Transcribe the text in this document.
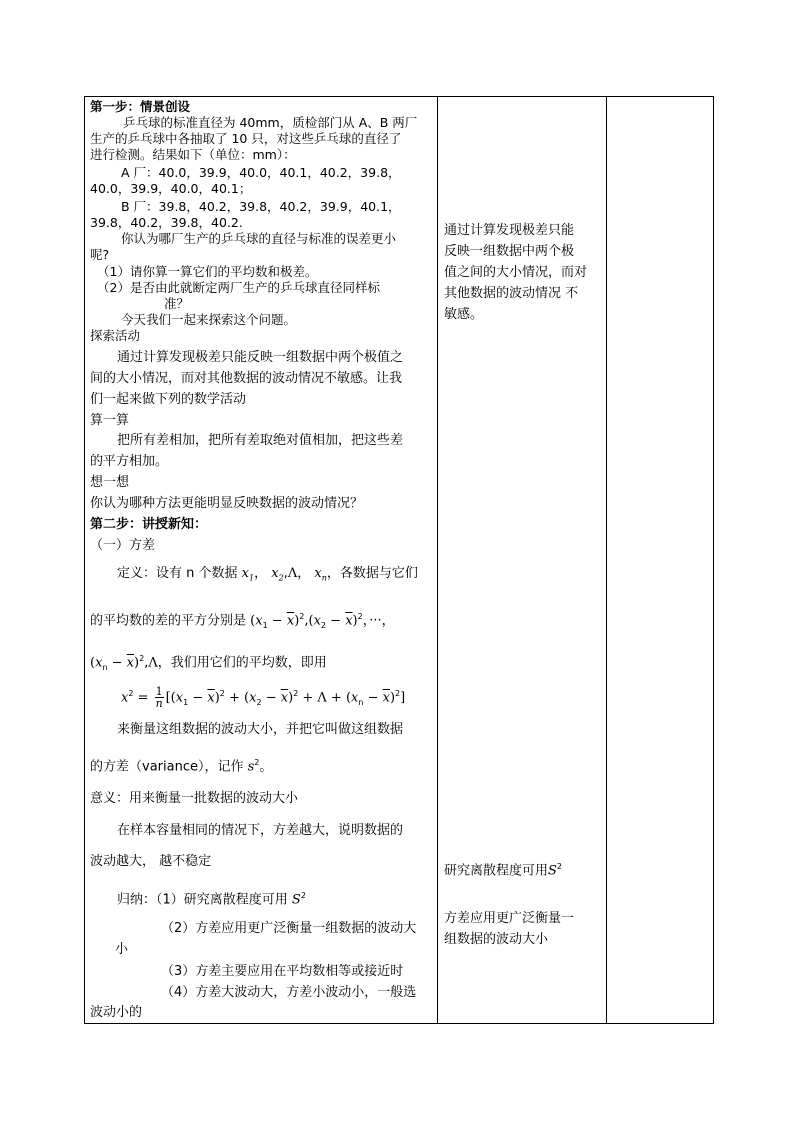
第一步：情景创设
乒乓球的标准直径为 40mm，质检部门从 A、B 两厂
生产的乒乓球中各抽取了 10 只，对这些乒乓球的直径了
进行检测。结果如下（单位：mm）：
A 厂：40.0，39.9，40.0，40.1，40.2，39.8，
40.0，39.9，40.0，40.1；
B 厂：39.8，40.2，39.8，40.2，39.9，40.1，
39.8，40.2，39.8，40.2.
你认为哪厂生产的乒乓球的直径与标准的误差更小
呢?
（1）请你算一算它们的平均数和极差。
（2）是否由此就断定两厂生产的乒乓球直径同样标
准？
今天我们一起来探索这个问题。
探索活动
通过计算发现极差只能反映一组数据中两个极值之
间的大小情况，而对其他数据的波动情况不敏感。让我
们一起来做下列的数学活动
算一算
把所有差相加，把所有差取绝对值相加，把这些差
的平方相加。
想一想
你认为哪种方法更能明显反映数据的波动情况？
第二步：讲授新知：
（一）方差
定义：设有 n 个数据 $x_1$， $x_2,\Lambda$， $x_n$，各数据与它们
的平均数的差的平方分别是 $(x_1 - \overline{x})^2,(x_2 - \overline{x})^2$，···，
$(x_n - \overline{x})^2,\Lambda$，我们用它们的平均数，即用
$x^2 = \frac{1}{n} [(x_1 - \overline{x})^2 + (x_2 - \overline{x})^2 + \Lambda + (x_n - \overline{x})^2]$
来衡量这组数据的波动大小，并把它叫做这组数据
的方差（variance），记作 $s^2$。
意义：用来衡量一批数据的波动大小
在样本容量相同的情况下，方差越大，说明数据的
波动越大， 越不稳定
归纳：（1）研究离散程度可用 $S^2$
（2）方差应用更广泛衡量一组数据的波动大
小
（3）方差主要应用在平均数相等或接近时
（4）方差大波动大，方差小波动小，一般选
波动小的

通过计算发现极差只能
反映一组数据中两个极
值之间的大小情况，而对
其他数据的波动情况 不
敏感。
研究离散程度可用$S^2$
方差应用更广泛衡量一
组数据的波动大小
